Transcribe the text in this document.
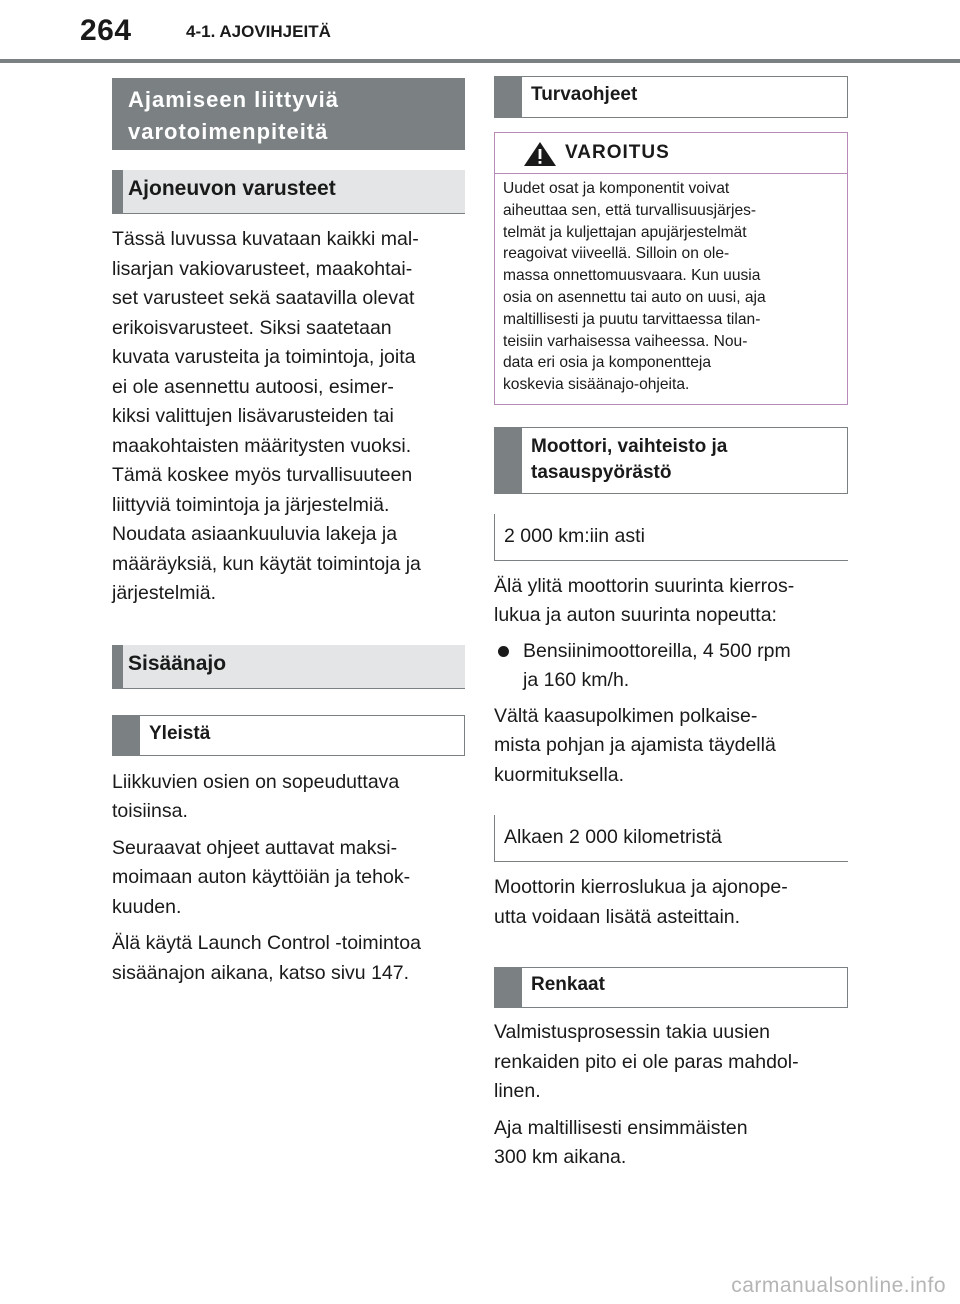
264	4-1. AJOVIHJEITÄ
Ajamiseen liittyviä varotoimenpiteitä
Ajoneuvon varusteet

Tässä luvussa kuvataan kaikki mal-

lisarjan vakiovarusteet, maakohtai-

set varusteet sekä saatavilla olevat

erikoisvarusteet. Siksi saatetaan

kuvata varusteita ja toimintoja, joita

ei ole asennettu autoosi, esimer-

kiksi valittujen lisävarusteiden tai

maakohtaisten määritysten vuoksi.

Tämä koskee myös turvallisuuteen

liittyviä toimintoja ja järjestelmiä.

Noudata asiaankuuluvia lakeja ja

määräyksiä, kun käytät toimintoja ja

järjestelmiä.

Sisäänajo
Yleistä

Liikkuvien osien on sopeuduttava

toisiinsa.

Seuraavat ohjeet auttavat maksi-

moimaan auton käyttöiän ja tehok-

kuuden.

Älä käytä Launch Control -toimintoa

sisäänajon aikana, katso sivu 147.

Turvaohjeet
VAROITUS
Uudet osat ja komponentit voivat
aiheuttaa sen, että turvallisuusjärjes-
telmät ja kuljettajan apujärjestelmät
reagoivat viiveellä. Silloin on ole-
massa onnettomuusvaara. Kun uusia
osia on asennettu tai auto on uusi, aja
maltillisesti ja puutu tarvittaessa tilan-
teisiin varhaisessa vaiheessa. Nou-
data eri osia ja komponentteja
koskevia sisäänajo-ohjeita.
Moottori, vaihteisto ja
tasauspyörästö
2 000 km:iin asti

Älä ylitä moottorin suurinta kierros-

lukua ja auton suurinta nopeutta:

Bensiinimoottoreilla, 4 500 rpm

ja 160 km/h.

Vältä kaasupolkimen polkaise-

mista pohjan ja ajamista täydellä

kuormituksella.

Alkaen 2 000 kilometristä

Moottorin kierroslukua ja ajonope-

utta voidaan lisätä asteittain.

Renkaat

Valmistusprosessin takia uusien

renkaiden pito ei ole paras mahdol-

linen.

Aja maltillisesti ensimmäisten

300 km aikana.

carmanualsonline.info
